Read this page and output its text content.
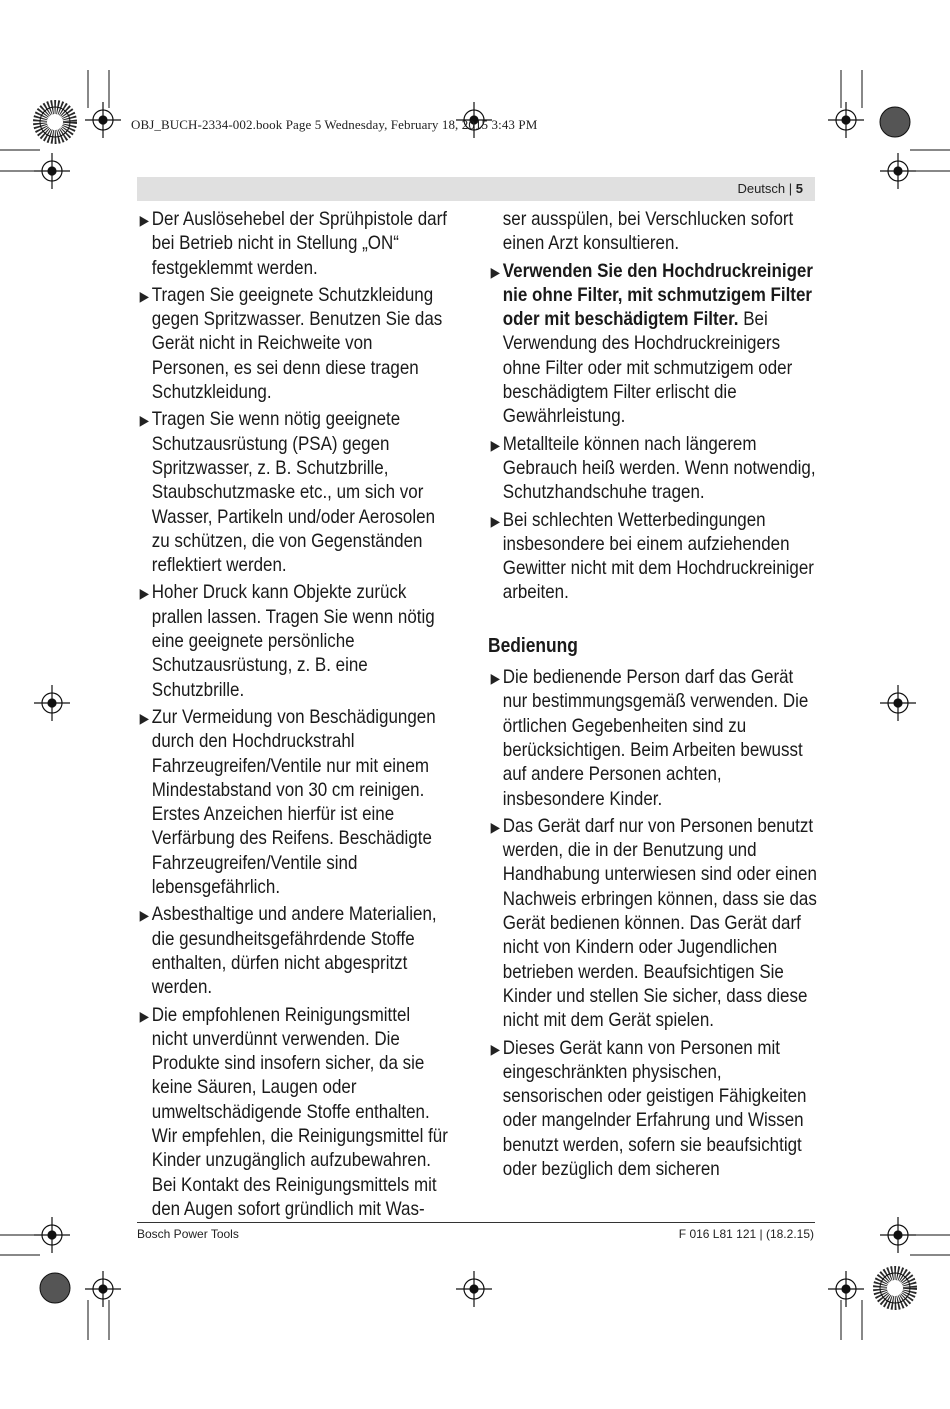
OBJ_BUCH-2334-002.book Page 5 Wednesday, February 18, 2015 3:43 PM
Deutsch | 5
▶ Der Auslösehebel der Sprühpistole darf bei Betrieb nicht in Stellung „ON“ festgeklemmt werden.
▶ Tragen Sie geeignete Schutzkleidung gegen Spritzwasser. Benutzen Sie das Gerät nicht in Reichweite von Personen, es sei denn diese tragen Schutzkleidung.
▶ Tragen Sie wenn nötig geeignete Schutzausrüstung (PSA) gegen Spritzwasser, z. B. Schutzbrille, Staubschutzmaske etc., um sich vor Wasser, Partikeln und/oder Aerosolen zu schützen, die von Gegenständen reflektiert werden.
▶ Hoher Druck kann Objekte zurück prallen lassen. Tragen Sie wenn nötig eine geeignete persönliche Schutzausrüstung, z. B. eine Schutzbrille.
▶ Zur Vermeidung von Beschädigungen durch den Hochdruckstrahl Fahrzeugreifen/Ventile nur mit einem Mindestabstand von 30 cm reinigen. Erstes Anzeichen hierfür ist eine Verfärbung des Reifens. Beschädigte Fahrzeugreifen/Ventile sind lebensgefährlich.
▶ Asbesthaltige und andere Materialien, die gesundheitsgefährdende Stoffe enthalten, dürfen nicht abgespritzt werden.
▶ Die empfohlenen Reinigungsmittel nicht unverdünnt verwenden. Die Produkte sind insofern sicher, da sie keine Säuren, Laugen oder umweltschädigende Stoffe enthalten. Wir empfehlen, die Reinigungsmittel für Kinder unzugänglich aufzubewahren. Bei Kontakt des Reinigungsmittels mit den Augen sofort gründlich mit Was-
ser ausspülen, bei Verschlucken sofort einen Arzt konsultieren.
▶ Verwenden Sie den Hochdruckreiniger nie ohne Filter, mit schmutzigem Filter oder mit beschädigtem Filter. Bei Verwendung des Hochdruckreinigers ohne Filter oder mit schmutzigem oder beschädigtem Filter erlischt die Gewährleistung.
▶ Metallteile können nach längerem Gebrauch heiß werden. Wenn notwendig, Schutzhandschuhe tragen.
▶ Bei schlechten Wetterbedingungen insbesondere bei einem aufziehenden Gewitter nicht mit dem Hochdruckreiniger arbeiten.
Bedienung
▶ Die bedienende Person darf das Gerät nur bestimmungsgemäß verwenden. Die örtlichen Gegebenheiten sind zu berücksichtigen. Beim Arbeiten bewusst auf andere Personen achten, insbesondere Kinder.
▶ Das Gerät darf nur von Personen benutzt werden, die in der Benutzung und Handhabung unterwiesen sind oder einen Nachweis erbringen können, dass sie das Gerät bedienen können. Das Gerät darf nicht von Kindern oder Jugendlichen betrieben werden. Beaufsichtigen Sie Kinder und stellen Sie sicher, dass diese nicht mit dem Gerät spielen.
▶ Dieses Gerät kann von Personen mit eingeschränkten physischen, sensorischen oder geistigen Fähigkeiten oder mangelnder Erfahrung und Wissen benutzt werden, sofern sie beaufsichtigt oder bezüglich dem sicheren
Bosch Power Tools	F 016 L81 121 | (18.2.15)
